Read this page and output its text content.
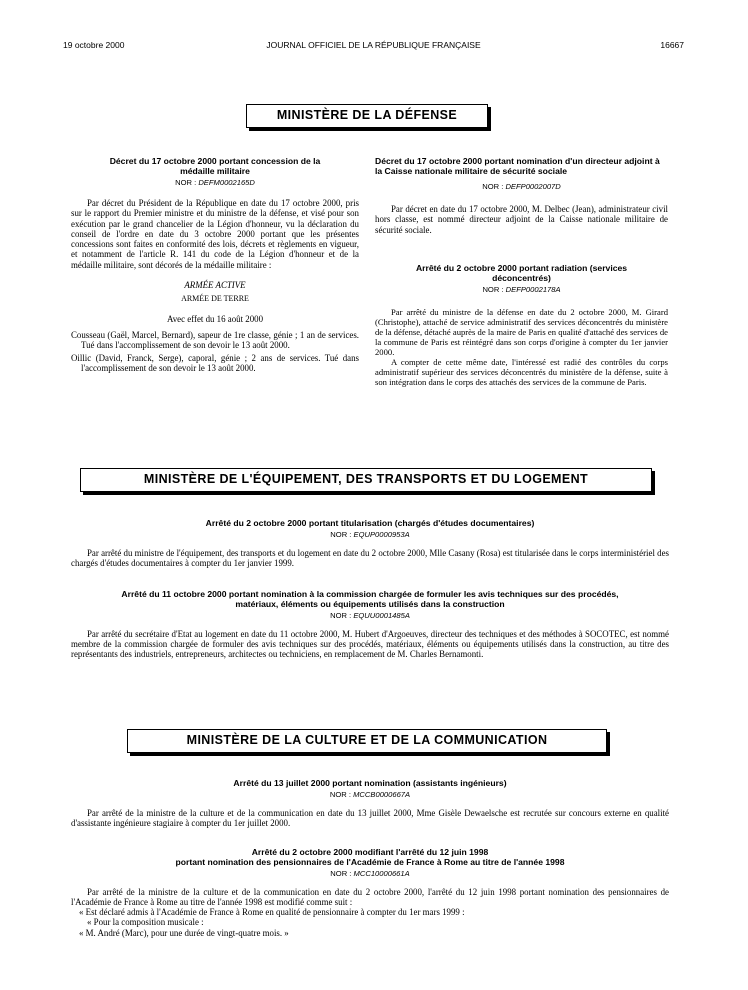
19 octobre 2000	JOURNAL OFFICIEL DE LA RÉPUBLIQUE FRANÇAISE	16667
MINISTÈRE DE LA DÉFENSE

Décret du 17 octobre 2000 portant concession de la médaille militaire

NOR : DEFM0002165D

Par décret du Président de la République en date du 17 octobre 2000, pris sur le rapport du Premier ministre et du ministre de la défense, et visé pour son exécution par le grand chancelier de la Légion d'honneur, vu la déclaration du conseil de l'ordre en date du 3 octobre 2000 portant que les présentes concessions sont faites en conformité des lois, décrets et règlements en vigueur, et notamment de l'article R. 141 du code de la Légion d'honneur et de la médaille militaire, sont décorés de la médaille militaire :

ARMÉE ACTIVE

ARMÉE DE TERRE

Avec effet du 16 août 2000

Cousseau (Gaël, Marcel, Bernard), sapeur de 1re classe, génie ; 1 an de services. Tué dans l'accomplissement de son devoir le 13 août 2000.

Oillic (David, Franck, Serge), caporal, génie ; 2 ans de services. Tué dans l'accomplissement de son devoir le 13 août 2000.

Décret du 17 octobre 2000 portant nomination d'un directeur adjoint à la Caisse nationale militaire de sécurité sociale

NOR : DEFP0002007D

Par décret en date du 17 octobre 2000, M. Delbec (Jean), administrateur civil hors classe, est nommé directeur adjoint de la Caisse nationale militaire de sécurité sociale.

Arrêté du 2 octobre 2000 portant radiation (services déconcentrés)

NOR : DEFP0002178A

Par arrêté du ministre de la défense en date du 2 octobre 2000, M. Girard (Christophe), attaché de service administratif des services déconcentrés du ministère de la défense, détaché auprès de la maire de Paris en qualité d'attaché des services de la commune de Paris est réintégré dans son corps d'origine à compter du 1er janvier 2000.

A compter de cette même date, l'intéressé est radié des contrôles du corps administratif supérieur des services déconcentrés du ministère de la défense, suite à son intégration dans le corps des attachés des services de la commune de Paris.

MINISTÈRE DE L'ÉQUIPEMENT, DES TRANSPORTS ET DU LOGEMENT

Arrêté du 2 octobre 2000 portant titularisation (chargés d'études documentaires)

NOR : EQUP0000953A

Par arrêté du ministre de l'équipement, des transports et du logement en date du 2 octobre 2000, Mlle Casany (Rosa) est titularisée dans le corps interministériel des chargés d'études documentaires à compter du 1er janvier 1999.

Arrêté du 11 octobre 2000 portant nomination à la commission chargée de formuler les avis techniques sur des procédés, matériaux, éléments ou équipements utilisés dans la construction

NOR : EQUU0001485A

Par arrêté du secrétaire d'Etat au logement en date du 11 octobre 2000, M. Hubert d'Argoeuves, directeur des techniques et des méthodes à SOCOTEC, est nommé membre de la commission chargée de formuler des avis techniques sur des procédés, matériaux, éléments ou équipements utilisés dans la construction, au titre des représentants des industriels, entrepreneurs, architectes ou techniciens, en remplacement de M. Charles Bernamonti.

MINISTÈRE DE LA CULTURE ET DE LA COMMUNICATION

Arrêté du 13 juillet 2000 portant nomination (assistants ingénieurs)

NOR : MCCB0000667A

Par arrêté de la ministre de la culture et de la communication en date du 13 juillet 2000, Mme Gisèle Dewaelsche est recrutée sur concours externe en qualité d'assistante ingénieure stagiaire à compter du 1er juillet 2000.

Arrêté du 2 octobre 2000 modifiant l'arrêté du 12 juin 1998

portant nomination des pensionnaires de l'Académie de France à Rome au titre de l'année 1998

NOR : MCC10000661A

Par arrêté de la ministre de la culture et de la communication en date du 2 octobre 2000, l'arrêté du 12 juin 1998 portant nomination des pensionnaires de l'Académie de France à Rome au titre de l'année 1998 est modifié comme suit :

« Est déclaré admis à l'Académie de France à Rome en qualité de pensionnaire à compter du 1er mars 1999 :

« Pour la composition musicale :

« M. André (Marc), pour une durée de vingt-quatre mois. »
